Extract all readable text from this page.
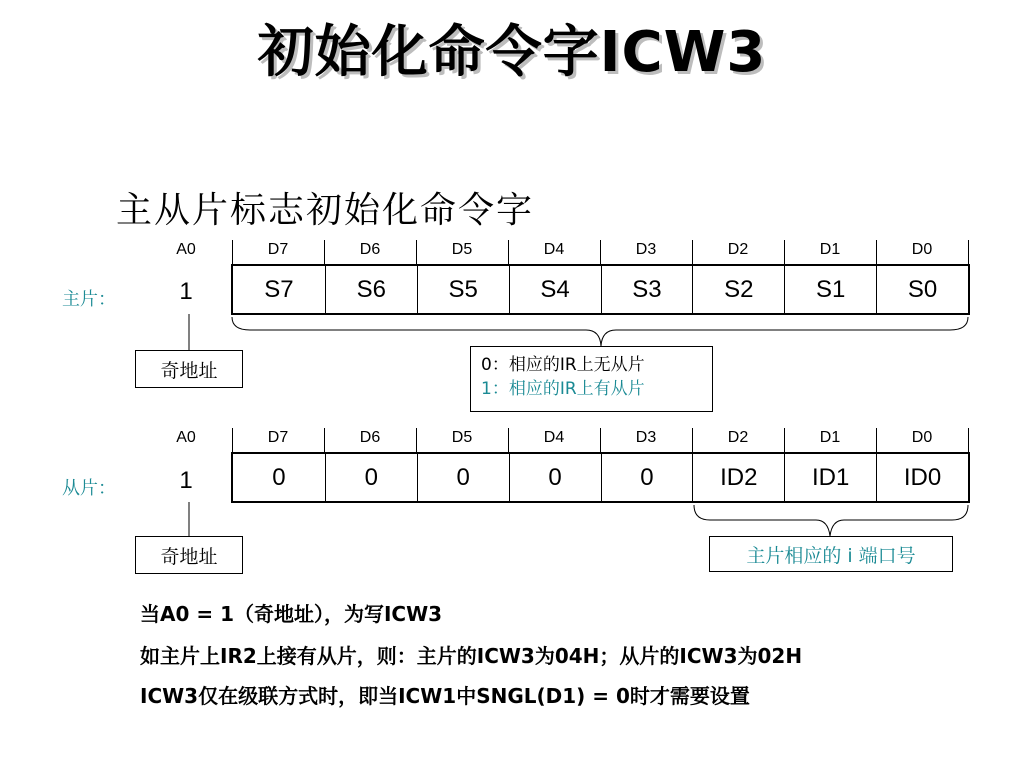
初始化命令字ICW3
主从片标志初始化命令字
A0	D7	D6	D5	D4	D3	D2	D1	D0
主片：	1	S7	S6	S5	S4	S3	S2	S1	S0
奇地址	0：相应的IR上无从片
1：相应的IR上有从片
A0	D7	D6	D5	D4	D3	D2	D1	D0
从片：	1	0	0	0	0	0	ID2	ID1	ID0
奇地址	主片相应的 i 端口号
当A0 = 1（奇地址），为写ICW3
如主片上IR2上接有从片，则：主片的ICW3为04H；从片的ICW3为02H
ICW3仅在级联方式时，即当ICW1中SNGL(D1) = 0时才需要设置
